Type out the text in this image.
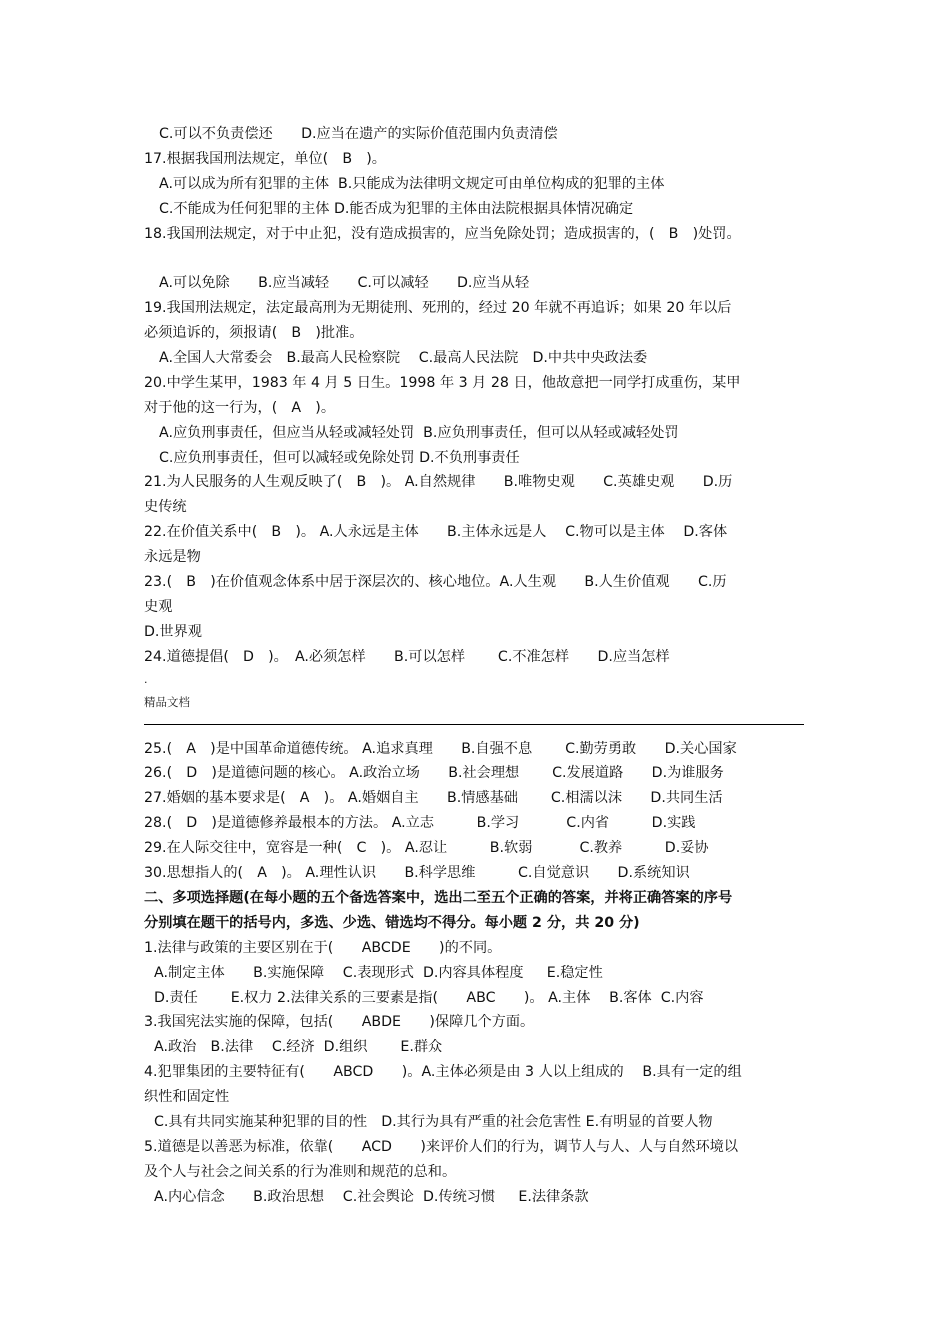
C.可以不负责偿还　　D.应当在遗产的实际价值范围内负责清偿
17.根据我国刑法规定，单位(　B　)。
A.可以成为所有犯罪的主体  B.只能成为法律明文规定可由单位构成的犯罪的主体
C.不能成为任何犯罪的主体 D.能否成为犯罪的主体由法院根据具体情况确定
18.我国刑法规定，对于中止犯，没有造成损害的，应当免除处罚；造成损害的，(　B　)处罚。
A.可以免除　　B.应当减轻　　C.可以减轻　　D.应当从轻
19.我国刑法规定，法定最高刑为无期徒刑、死刑的，经过 20 年就不再追诉；如果 20 年以后
必须追诉的，须报请(　B　)批准。
A.全国人大常委会　B.最高人民检察院　 C.最高人民法院　D.中共中央政法委
20.中学生某甲，1983 年 4 月 5 日生。1998 年 3 月 28 日，他故意把一同学打成重伤，某甲
对于他的这一行为，(　A　)。
A.应负刑事责任，但应当从轻或减轻处罚  B.应负刑事责任，但可以从轻或减轻处罚
C.应负刑事责任，但可以减轻或免除处罚 D.不负刑事责任
21.为人民服务的人生观反映了(　B　)。 A.自然规律　　B.唯物史观　　C.英雄史观　　D.历
史传统
22.在价值关系中(　B　)。 A.人永远是主体　　B.主体永远是人　 C.物可以是主体　 D.客体
永远是物
23.(　B　)在价值观念体系中居于深层次的、核心地位。A.人生观　　B.人生价值观　　C.历
史观
D.世界观
24.道德提倡(　D　)。　A.必须怎样　　B.可以怎样　　 C.不准怎样　　D.应当怎样
.
精品文档
25.(　A　)是中国革命道德传统。 A.追求真理　　B.自强不息　　 C.勤劳勇敢　　D.关心国家
26.(　D　)是道德问题的核心。 A.政治立场　　B.社会理想　　 C.发展道路　　D.为谁服务
27.婚姻的基本要求是(　A　)。 A.婚姻自主　　B.情感基础　　 C.相濡以沫　　D.共同生活
28.(　D　)是道德修养最根本的方法。 A.立志　　　B.学习　　　 C.内省　　　D.实践
29.在人际交往中，宽容是一种(　C　)。 A.忍让　　　B.软弱　　　 C.教养　　　D.妥协
30.思想指人的(　A　)。 A.理性认识　　B.科学思维　　　C.自觉意识　　D.系统知识
二、多项选择题(在每小题的五个备选答案中，选出二至五个正确的答案，并将正确答案的序号
分别填在题干的括号内，多选、少选、错选均不得分。每小题 2 分，共 20 分)
1.法律与政策的主要区别在于(　　ABCDE　　)的不同。
A.制定主体　　B.实施保障　 C.表现形式  D.内容具体程度　  E.稳定性
D.责任　　 E.权力 2.法律关系的三要素是指(　　ABC　　)。 A.主体　 B.客体  C.内容
3.我国宪法实施的保障，包括(　　ABDE　　)保障几个方面。
A.政治　B.法律　 C.经济  D.组织　　 E.群众
4.犯罪集团的主要特征有(　　ABCD　　)。A.主体必须是由 3 人以上组成的　 B.具有一定的组
织性和固定性
C.具有共同实施某种犯罪的目的性　D.其行为具有严重的社会危害性 E.有明显的首要人物
5.道德是以善恶为标准，依靠(　　ACD　　)来评价人们的行为，调节人与人、人与自然环境以
及个人与社会之间关系的行为准则和规范的总和。
A.内心信念　　B.政治思想　 C.社会舆论  D.传统习惯　  E.法律条款
